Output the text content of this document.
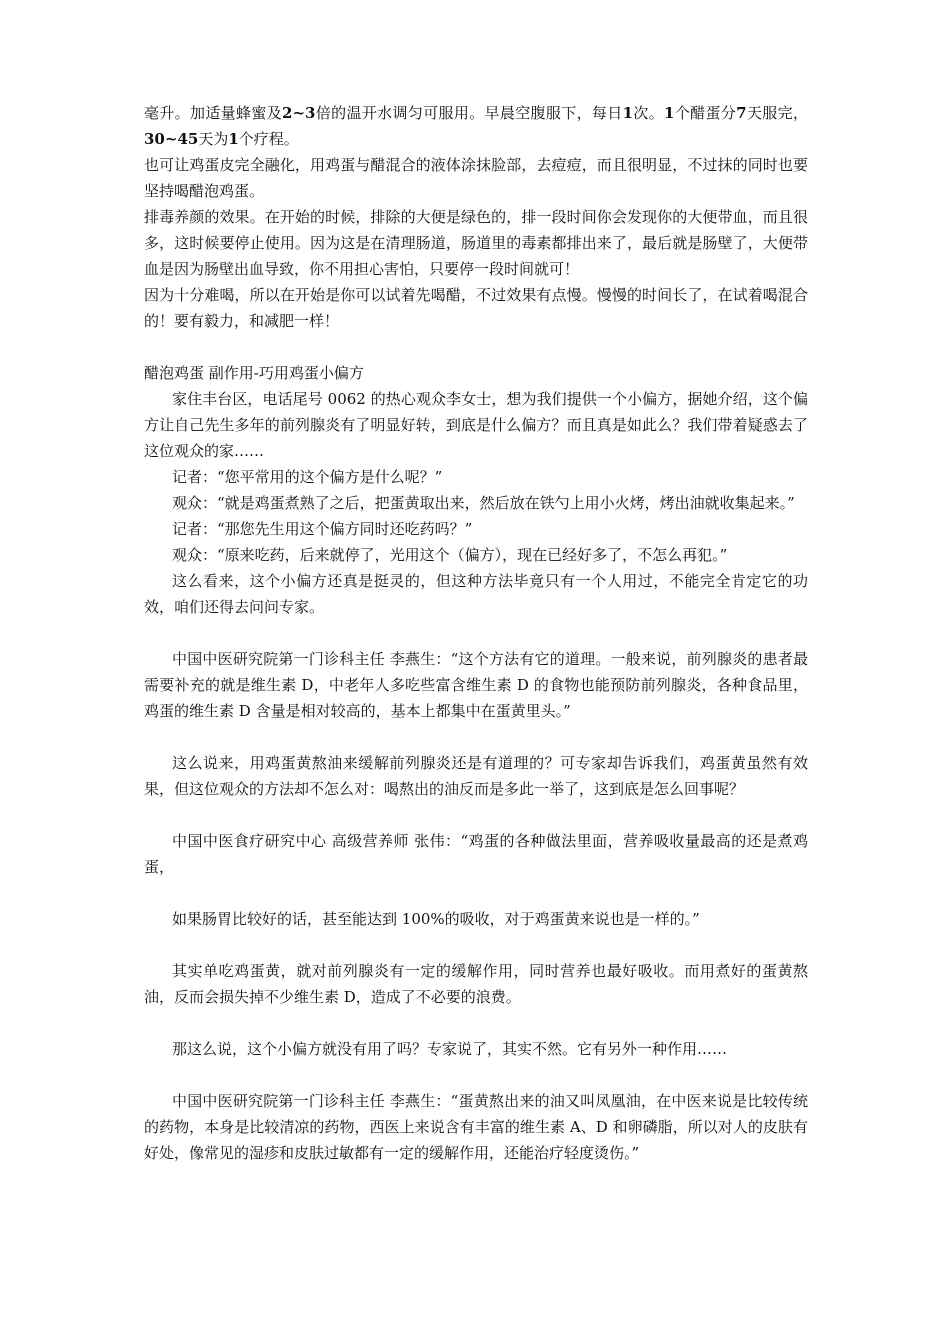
毫升。加适量蜂蜜及2~3倍的温开水调匀可服用。早晨空腹服下，每日1次。1个醋蛋分7天服完，30~45天为1个疗程。

也可让鸡蛋皮完全融化，用鸡蛋与醋混合的液体涂抹脸部，去痘痘，而且很明显，不过抹的同时也要坚持喝醋泡鸡蛋。

排毒养颜的效果。在开始的时候，排除的大便是绿色的，排一段时间你会发现你的大便带血，而且很多，这时候要停止使用。因为这是在清理肠道，肠道里的毒素都排出来了，最后就是肠壁了，大便带血是因为肠壁出血导致，你不用担心害怕，只要停一段时间就可！

因为十分难喝，所以在开始是你可以试着先喝醋，不过效果有点慢。慢慢的时间长了，在试着喝混合的！要有毅力，和减肥一样！

醋泡鸡蛋 副作用-巧用鸡蛋小偏方

家住丰台区，电话尾号 0062 的热心观众李女士，想为我们提供一个小偏方，据她介绍，这个偏方让自己先生多年的前列腺炎有了明显好转，到底是什么偏方？而且真是如此么？我们带着疑惑去了这位观众的家……

记者：“您平常用的这个偏方是什么呢？”

观众：“就是鸡蛋煮熟了之后，把蛋黄取出来，然后放在铁勺上用小火烤，烤出油就收集起来。”

记者：“那您先生用这个偏方同时还吃药吗？”

观众：“原来吃药，后来就停了，光用这个（偏方），现在已经好多了，不怎么再犯。”

这么看来，这个小偏方还真是挺灵的，但这种方法毕竟只有一个人用过，不能完全肯定它的功效，咱们还得去问问专家。

中国中医研究院第一门诊科主任 李燕生：“这个方法有它的道理。一般来说，前列腺炎的患者最需要补充的就是维生素 D，中老年人多吃些富含维生素 D 的食物也能预防前列腺炎，各种食品里，鸡蛋的维生素 D 含量是相对较高的，基本上都集中在蛋黄里头。”

这么说来，用鸡蛋黄熬油来缓解前列腺炎还是有道理的？可专家却告诉我们，鸡蛋黄虽然有效果，但这位观众的方法却不怎么对：喝熬出的油反而是多此一举了，这到底是怎么回事呢？

中国中医食疗研究中心 高级营养师 张伟：“鸡蛋的各种做法里面，营养吸收量最高的还是煮鸡蛋，

如果肠胃比较好的话，甚至能达到 100%的吸收，对于鸡蛋黄来说也是一样的。”

其实单吃鸡蛋黄，就对前列腺炎有一定的缓解作用，同时营养也最好吸收。而用煮好的蛋黄熬油，反而会损失掉不少维生素 D，造成了不必要的浪费。

那这么说，这个小偏方就没有用了吗？专家说了，其实不然。它有另外一种作用……

中国中医研究院第一门诊科主任 李燕生：“蛋黄熬出来的油又叫凤凰油，在中医来说是比较传统的药物，本身是比较清凉的药物，西医上来说含有丰富的维生素 A、D 和卵磷脂，所以对人的皮肤有好处，像常见的湿疹和皮肤过敏都有一定的缓解作用，还能治疗轻度烫伤。”
